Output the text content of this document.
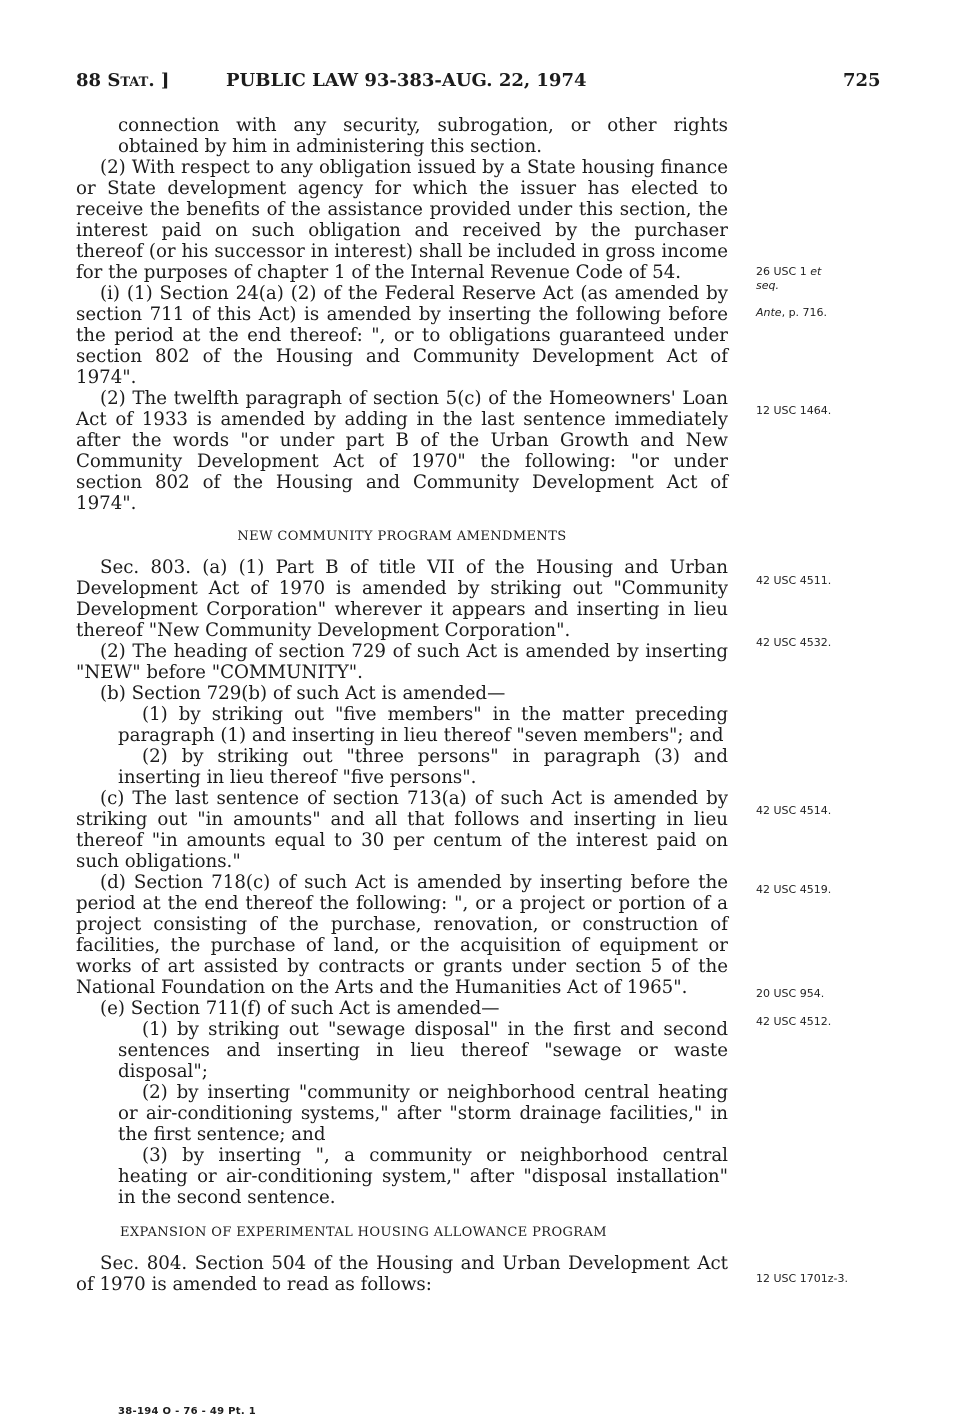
88 Stat. ]	PUBLIC LAW 93-383-AUG. 22, 1974	725

connection with any security, subrogation, or other rights obtained by him in administering this section.

(2) With respect to any obligation issued by a State housing finance or State development agency for which the issuer has elected to receive the benefits of the assistance provided under this section, the interest paid on such obligation and received by the purchaser thereof (or his successor in interest) shall be included in gross income for the purposes of chapter 1 of the Internal Revenue Code of 54.

(i) (1) Section 24(a) (2) of the Federal Reserve Act (as amended by section 711 of this Act) is amended by inserting the following before the period at the end thereof: ", or to obligations guaranteed under section 802 of the Housing and Community Development Act of 1974".

(2) The twelfth paragraph of section 5(c) of the Homeowners' Loan Act of 1933 is amended by adding in the last sentence immediately after the words "or under part B of the Urban Growth and New Community Development Act of 1970" the following: "or under section 802 of the Housing and Community Development Act of 1974".

NEW COMMUNITY PROGRAM AMENDMENTS

Sec. 803. (a) (1) Part B of title VII of the Housing and Urban Development Act of 1970 is amended by striking out "Community Development Corporation" wherever it appears and inserting in lieu thereof "New Community Development Corporation".

(2) The heading of section 729 of such Act is amended by inserting "NEW" before "COMMUNITY".

(b) Section 729(b) of such Act is amended—

(1) by striking out "five members" in the matter preceding paragraph (1) and inserting in lieu thereof "seven members"; and

(2) by striking out "three persons" in paragraph (3) and inserting in lieu thereof "five persons".

(c) The last sentence of section 713(a) of such Act is amended by striking out "in amounts" and all that follows and inserting in lieu thereof "in amounts equal to 30 per centum of the interest paid on such obligations."

(d) Section 718(c) of such Act is amended by inserting before the period at the end thereof the following: ", or a project or portion of a project consisting of the purchase, renovation, or construction of facilities, the purchase of land, or the acquisition of equipment or works of art assisted by contracts or grants under section 5 of the National Foundation on the Arts and the Humanities Act of 1965".

(e) Section 711(f) of such Act is amended—

(1) by striking out "sewage disposal" in the first and second sentences and inserting in lieu thereof "sewage or waste disposal";

(2) by inserting "community or neighborhood central heating or air-conditioning systems," after "storm drainage facilities," in the first sentence; and

(3) by inserting ", a community or neighborhood central heating or air-conditioning system," after "disposal installation" in the second sentence.

EXPANSION OF EXPERIMENTAL HOUSING ALLOWANCE PROGRAM

Sec. 804. Section 504 of the Housing and Urban Development Act of 1970 is amended to read as follows:

26 USC 1 et
seq.
Ante, p. 716.
12 USC 1464.
42 USC 4511.
42 USC 4532.
42 USC 4514.
42 USC 4519.
20 USC 954.
42 USC 4512.
12 USC 1701z-3.
38-194 O - 76 - 49 Pt. 1
